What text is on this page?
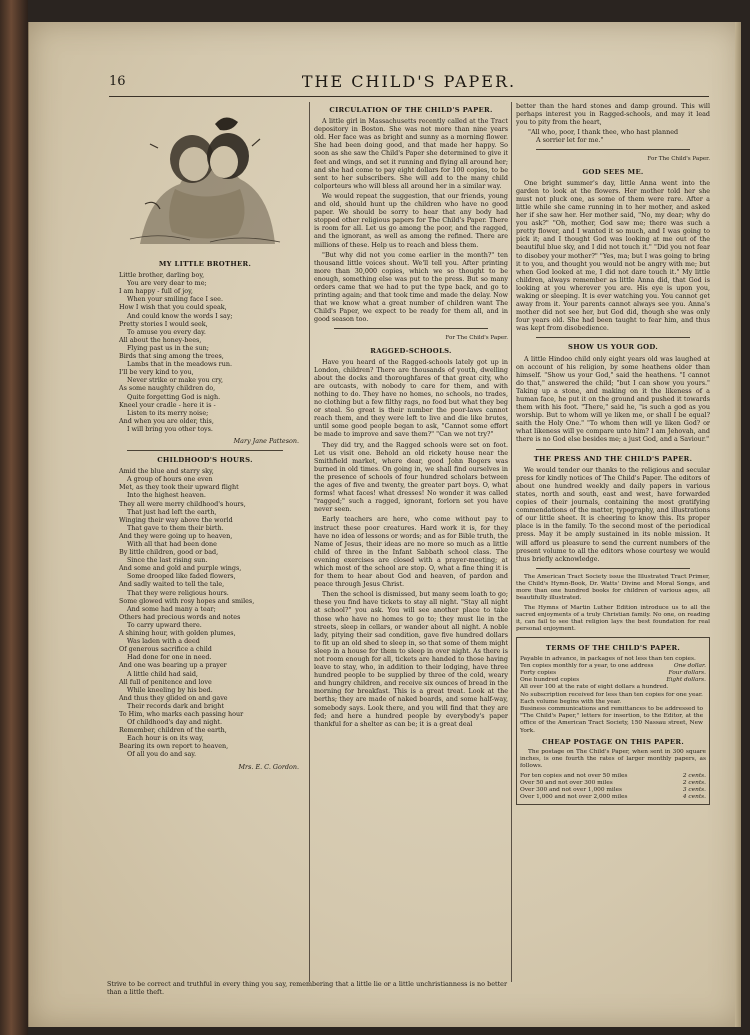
16	THE CHILD'S PAPER.
MY LITTLE BROTHER.
Little brother, darling boy,
You are very dear to me;
I am happy - full of joy,
When your smiling face I see.
How I wish that you could speak,
And could know the words I say;
Pretty stories I would seek,
To amuse you every day.
All about the honey-bees,
Flying past us in the sun;
Birds that sing among the trees,
Lambs that in the meadows run.
I'll be very kind to you,
Never strike or make you cry,
As some naughty children do,
Quite forgetting God is nigh.
Kneel your cradle - here it is -
Listen to its merry noise;
And when you are older, this,
I will bring you other toys.
Mary Jane Patteson.
CHILDHOOD'S HOURS.
Amid the blue and starry sky,
A group of hours one even
Met, as they took their upward flight
Into the highest heaven.
They all were merry childhood's hours,
That just had left the earth,
Winging their way above the world
That gave to them their birth.
And they were going up to heaven,
With all that had been done
By little children, good or bad,
Since the last rising sun.
And some and gold and purple wings,
Some drooped like faded flowers,
And sadly waited to tell the tale,
That they were religious hours.
Some glowed with rosy hopes and smiles,
And some had many a tear;
Others had precious words and notes
To carry upward there.
A shining hour, with golden plumes,
Was laden with a deed
Of generous sacrifice a child
Had done for one in need.
And one was bearing up a prayer
A little child had said,
All full of penitence and love
While kneeling by his bed.
And thus they glided on and gave
Their records dark and bright
To Him, who marks each passing hour
Of childhood's day and night.
Remember, children of the earth,
Each hour is on its way,
Bearing its own report to heaven,
Of all you do and say.
Mrs. E. C. Gordon.
CIRCULATION OF THE CHILD'S PAPER.

A little girl in Massachusetts recently called at the Tract depository in Boston. She was not more than nine years old. Her face was as bright and sunny as a morning flower. She had been doing good, and that made her happy. So soon as she saw the Child's Paper she determined to give it feet and wings, and set it running and flying all around her; and she had come to pay eight dollars for 100 copies, to be sent to her subscribers. She will add to the many child colporteurs who will bless all around her in a similar way.

We would repeat the suggestion, that our friends, young and old, should hunt up the children who have no good paper. We should be sorry to hear that any body had stopped other religious papers for The Child's Paper. There is room for all. Let us go among the poor, and the ragged, and the ignorant, as well as among the refined. There are millions of these. Help us to reach and bless them.

"But why did not you come earlier in the month?" ten thousand little voices shout. We'll tell you. After printing more than 30,000 copies, which we so thought to be enough, something else was put to the press. But so many orders came that we had to put the type back, and go to printing again; and that took time and made the delay. Now that we know what a great number of children want The Child's Paper, we expect to be ready for them all, and in good season too.

For The Child's Paper.
RAGGED-SCHOOLS.

Have you heard of the Ragged-schools lately got up in London, children? There are thousands of youth, dwelling about the docks and thoroughfares of that great city, who are outcasts, with nobody to care for them, and with nothing to do. They have no homes, no schools, no trades, no clothing but a few filthy rags, no food but what they beg or steal. So great is their number the poor-laws cannot reach them, and they were left to live and die like brutes, until some good people began to ask, "Cannot some effort be made to improve and save them?" "Can we not try?"

They did try, and the Ragged schools were set on foot. Let us visit one. Behold an old rickety house near the Smithfield market, where dear, good John Rogers was burned in old times. On going in, we shall find ourselves in the presence of schools of four hundred scholars between the ages of five and twenty, the greater part boys. O, what forms! what faces! what dresses! No wonder it was called "ragged;" such a ragged, ignorant, forlorn set you have never seen.

Early teachers are here, who come without pay to instruct these poor creatures. Hard work it is, for they have no idea of lessons or words; and as for Bible truth, the Name of Jesus, their ideas are no more so much as a little child of three in the Infant Sabbath school class. The evening exercises are closed with a prayer-meeting; at which most of the school are stop. O, what a fine thing it is for them to hear about God and heaven, of pardon and peace through Jesus Christ.

Then the school is dismissed, but many seem loath to go; these you find have tickets to stay all night. "Stay all night at school?" you ask. You will see another place to take those who have no homes to go to; they must lie in the streets, sleep in cellars, or wander about all night. A noble lady, pitying their sad condition, gave five hundred dollars to fit up an old shed to sleep in, so that some of them might sleep in a house for them to sleep in over night. As there is not room enough for all, tickets are handed to those having leave to stay, who, in addition to their lodging, have three hundred people to be supplied by three of the cold, weary and hungry children, and receive six ounces of bread in the morning for breakfast. This is a great treat. Look at the berths; they are made of naked boards, and some half-way, somebody says. Look there, and you will find that they are fed; and here a hundred people by everybody's paper thankful for a shelter as can be; it is a great deal

better than the hard stones and damp ground. This will perhaps interest you in Ragged-schools, and may it lead you to pity from the heart,

"All who, poor, I thank thee, who hast planned
A sorrier let for me."
For The Child's Paper.
GOD SEES ME.

One bright summer's day, little Anna went into the garden to look at the flowers. Her mother told her she must not pluck one, as some of them were rare. After a little while she came running in to her mother, and asked her if she saw her. Her mother said, "No, my dear; why do you ask?" "Oh, mother, God saw me; there was such a pretty flower, and I wanted it so much, and I was going to pick it; and I thought God was looking at me out of the beautiful blue sky, and I did not touch it." "Did you not fear to disobey your mother?" "Yes, ma; but I was going to bring it to you, and thought you would not be angry with me; but when God looked at me, I did not dare touch it." My little children, always remember as little Anna did, that God is looking at you wherever you are. His eye is upon you, waking or sleeping. It is ever watching you. You cannot get away from it. Your parents cannot always see you. Anna's mother did not see her, but God did, though she was only four years old. She had been taught to fear him, and thus was kept from disobedience.

SHOW US YOUR GOD.

A little Hindoo child only eight years old was laughed at on account of his religion, by some heathens older than himself. "Show us your God," said the heathens. "I cannot do that," answered the child; "but I can show you yours." Taking up a stone, and making on it the likeness of a human face, he put it on the ground and pushed it towards them with his foot. "There," said he, "is such a god as you worship. But to whom will ye liken me, or shall I be equal? saith the Holy One." "To whom then will ye liken God? or what likeness will ye compare unto him? I am Jehovah, and there is no God else besides me; a just God, and a Saviour."

THE PRESS AND THE CHILD'S PAPER.

We would tender our thanks to the religious and secular press for kindly notices of The Child's Paper. The editors of about one hundred weekly and daily papers in various states, north and south, east and west, have forwarded copies of their journals, containing the most gratifying commendations of the matter, typography, and illustrations of our little sheet. It is cheering to know this. Its proper place is in the family. To the second most of the periodical press. May it be amply sustained in its noble mission. It will afford us pleasure to send the current numbers of the present volume to all the editors whose courtesy we would thus briefly acknowledge.

The American Tract Society issue the Illustrated Tract Primer, the Child's Hymn-Book, Dr. Watts' Divine and Moral Songs, and more than one hundred books for children of various ages, all beautifully illustrated.

The Hymns of Martin Luther Edition introduce us to all the sacred enjoyments of a truly Christian family. No one, on reading it, can fail to see that religion lays the best foundation for real personal enjoyment.

TERMS OF THE CHILD'S PAPER.
Payable in advance, in packages of not less than ten copies.
Ten copies monthly for a year, to one address	One dollar.
Forty copies	Four dollars.
One hundred copies	Eight dollars.
All over 100 at the rate of eight dollars a hundred.
No subscription received for less than ten copies for one year.
Each volume begins with the year.
Business communications and remittances to be addressed to "The Child's Paper," letters for insertion, to the Editor, at the office of the American Tract Society, 150 Nassau street, New York.
CHEAP POSTAGE ON THIS PAPER.

The postage on The Child's Paper, when sent in 300 square inches, is one fourth the rates of larger monthly papers, as follows.

For ten copies and not over 50 miles	2 cents.
Over 50 and not over 300 miles	2 cents.
Over 300 and not over 1,000 miles	3 cents.
Over 1,000 and not over 2,000 miles	4 cents.
Strive to be correct and truthful in every thing you say, remembering that a little lie or a little unchristianness is no better than a little theft.
